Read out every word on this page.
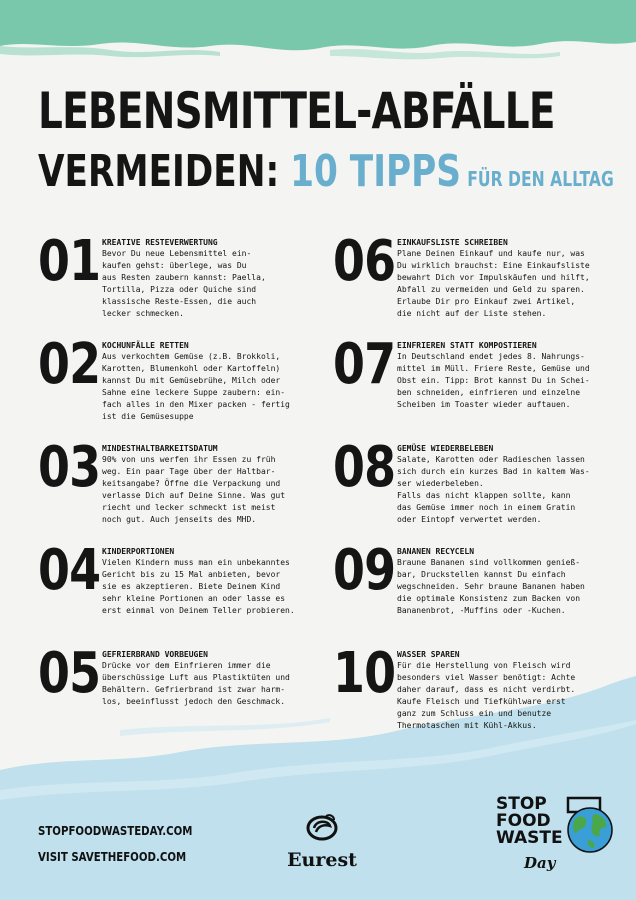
LEBENSMITTEL-ABFÄLLE
VERMEIDEN: 10 TIPPS FÜR DEN ALLTAG
01 KREATIVE RESTEVERWERTUNG
Bevor Du neue Lebensmittel ein-
kaufen gehst: überlege, was Du
aus Resten zaubern kannst: Paella,
Tortilla, Pizza oder Quiche sind
klassische Reste-Essen, die auch
lecker schmecken.
02 KOCHUNFÄLLE RETTEN
Aus verkochtem Gemüse (z.B. Brokkoli,
Karotten, Blumenkohl oder Kartoffeln)
kannst Du mit Gemüsebrühe, Milch oder
Sahne eine leckere Suppe zaubern: ein-
fach alles in den Mixer packen - fertig
ist die Gemüsesuppe
03 MINDESTHALTBARKEITSDATUM
90% von uns werfen ihr Essen zu früh
weg. Ein paar Tage über der Haltbar-
keitsangabe? Öffne die Verpackung und
verlasse Dich auf Deine Sinne. Was gut
riecht und lecker schmeckt ist meist
noch gut. Auch jenseits des MHD.
04 KINDERPORTIONEN
Vielen Kindern muss man ein unbekanntes
Gericht bis zu 15 Mal anbieten, bevor
sie es akzeptieren. Biete Deinem Kind
sehr kleine Portionen an oder lasse es
erst einmal von Deinem Teller probieren.
05 GEFRIERBRAND VORBEUGEN
Drücke vor dem Einfrieren immer die
überschüssige Luft aus Plastiktüten und
Behältern. Gefrierbrand ist zwar harm-
los, beeinflusst jedoch den Geschmack.
06 EINKAUFSLISTE SCHREIBEN
Plane Deinen Einkauf und kaufe nur, was
Du wirklich brauchst: Eine Einkaufsliste
bewahrt Dich vor Impulskäufen und hilft,
Abfall zu vermeiden und Geld zu sparen.
Erlaube Dir pro Einkauf zwei Artikel,
die nicht auf der Liste stehen.
07 EINFRIEREN STATT KOMPOSTIEREN
In Deutschland endet jedes 8. Nahrungs-
mittel im Müll. Friere Reste, Gemüse und
Obst ein. Tipp: Brot kannst Du in Schei-
ben schneiden, einfrieren und einzelne
Scheiben im Toaster wieder auftauen.
08 GEMÜSE WIEDERBELEBEN
Salate, Karotten oder Radieschen lassen
sich durch ein kurzes Bad in kaltem Was-
ser wiederbeleben.
Falls das nicht klappen sollte, kann
das Gemüse immer noch in einem Gratin
oder Eintopf verwertet werden.
09 BANANEN RECYCELN
Braune Bananen sind vollkommen genieß-
bar, Druckstellen kannst Du einfach
wegschneiden. Sehr braune Bananen haben
die optimale Konsistenz zum Backen von
Bananenbrot, -Muffins oder -Kuchen.
10 WASSER SPAREN
Für die Herstellung von Fleisch wird
besonders viel Wasser benötigt: Achte
daher darauf, dass es nicht verdirbt.
Kaufe Fleisch und Tiefkühlware erst
ganz zum Schluss ein und benutze
Thermotaschen mit Kühl-Akkus.
STOPFOODWASTEDAY.COM
VISIT SAVETHEFOOD.COM	Eurest
STOP
FOOD
WASTE
Day
